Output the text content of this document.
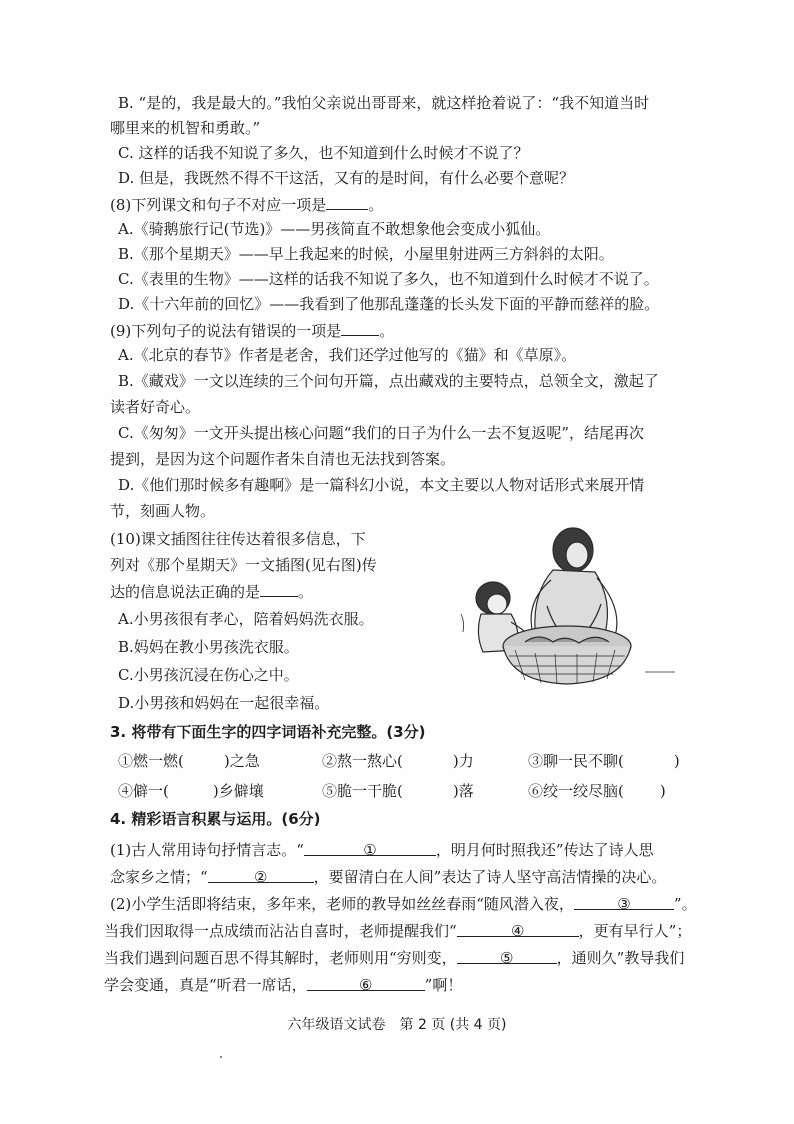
B. “是的，我是最大的。”我怕父亲说出哥哥来，就这样抢着说了：“我不知道当时
哪里来的机智和勇敢。”
C. 这样的话我不知说了多久，也不知道到什么时候才不说了？
D. 但是，我既然不得不干这活，又有的是时间，有什么必要个意呢？
(8)下列课文和句子不对应一项是	。
A.《骑鹅旅行记(节选)》——男孩简直不敢想象他会变成小狐仙。
B.《那个星期天》——早上我起来的时候，小屋里射进两三方斜斜的太阳。
C.《表里的生物》——这样的话我不知说了多久，也不知道到什么时候才不说了。
D.《十六年前的回忆》——我看到了他那乱蓬蓬的长头发下面的平静而慈祥的脸。
(9)下列句子的说法有错误的一项是	。
A.《北京的春节》作者是老舍，我们还学过他写的《猫》和《草原》。
B.《藏戏》一文以连续的三个问句开篇，点出藏戏的主要特点，总领全文，激起了
读者好奇心。
C.《匆匆》一文开头提出核心问题“我们的日子为什么一去不复返呢”，结尾再次
提到，是因为这个问题作者朱自清也无法找到答案。
D.《他们那时候多有趣啊》是一篇科幻小说，本文主要以人物对话形式来展开情
节，刻画人物。
(10)课文插图往往传达着很多信息，下
列对《那个星期天》一文插图(见右图)传
达的信息说法正确的是	。
A.小男孩很有孝心，陪着妈妈洗衣服。
B.妈妈在教小男孩洗衣服。
C.小男孩沉浸在伤心之中。
D.小男孩和妈妈在一起很幸福。
3. 将带有下面生字的四字词语补充完整。(3分)
①燃一燃(	)之急	②熬一熬心(	)力	③聊一民不聊(	)
④僻一(	)乡僻壤	⑤脆一干脆(	)落	⑥绞一绞尽脑( )
4. 精彩语言积累与运用。(6分)
(1)古人常用诗句抒情言志。“	①	，明月何时照我还”传达了诗人思
念家乡之情；“	②	，要留清白在人间”表达了诗人坚守高洁情操的决心。
(2)小学生活即将结束，多年来，老师的教导如丝丝春雨“随风潜入夜，	③	”。
当我们因取得一点成绩而沾沾自喜时，老师提醒我们“	④	，更有早行人”；
当我们遇到问题百思不得其解时，老师则用“穷则变，	⑤	，通则久”教导我们
学会变通，真是“听君一席话，	⑥	”啊！
六年级语文试卷　第 2 页 (共 4 页)
